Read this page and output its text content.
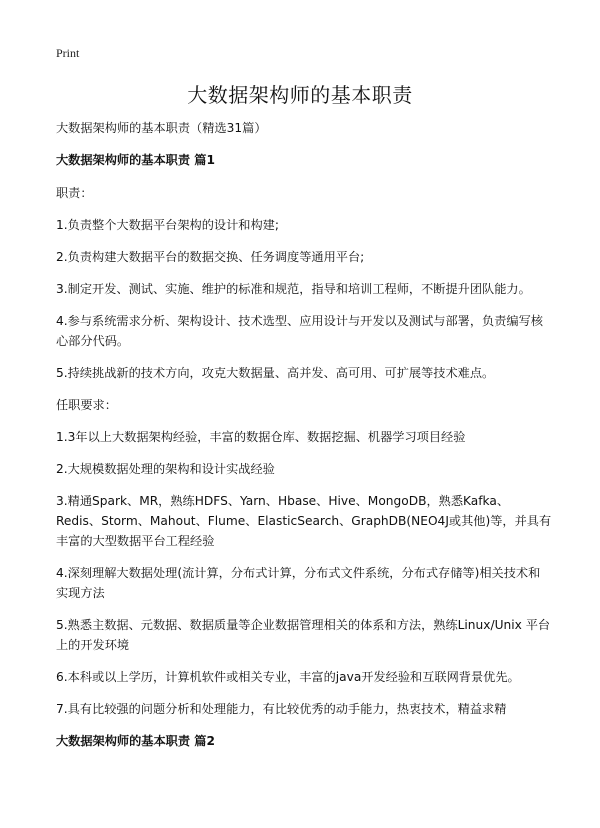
Print
大数据架构师的基本职责

大数据架构师的基本职责（精选31篇）

大数据架构师的基本职责 篇1

职责：

1.负责整个大数据平台架构的设计和构建;

2.负责构建大数据平台的数据交换、任务调度等通用平台;

3.制定开发、测试、实施、维护的标准和规范，指导和培训工程师，不断提升团队能力。

4.参与系统需求分析、架构设计、技术选型、应用设计与开发以及测试与部署，负责编写核心部分代码。

5.持续挑战新的技术方向，攻克大数据量、高并发、高可用、可扩展等技术难点。

任职要求：

1.3年以上大数据架构经验，丰富的数据仓库、数据挖掘、机器学习项目经验

2.大规模数据处理的架构和设计实战经验

3.精通Spark、MR，熟练HDFS、Yarn、Hbase、Hive、MongoDB，熟悉Kafka、Redis、Storm、Mahout、Flume、ElasticSearch、GraphDB(NEO4J或其他)等，并具有丰富的大型数据平台工程经验

4.深刻理解大数据处理(流计算，分布式计算，分布式文件系统，分布式存储等)相关技术和实现方法

5.熟悉主数据、元数据、数据质量等企业数据管理相关的体系和方法，熟练Linux/Unix 平台上的开发环境

6.本科或以上学历，计算机软件或相关专业，丰富的java开发经验和互联网背景优先。

7.具有比较强的问题分析和处理能力，有比较优秀的动手能力，热衷技术，精益求精

大数据架构师的基本职责 篇2
